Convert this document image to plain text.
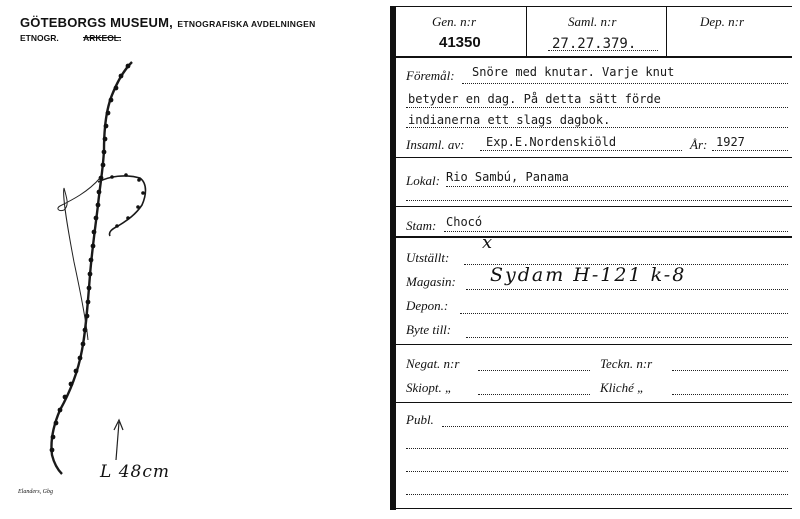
GÖTEBORGS MUSEUM, ETNOGRAFISKA AVDELNINGEN
ETNOGR.	ARKEOL.
L 48cm
Elanders, Gbg
Gen. n:r	Saml. n:r	Dep. n:r
41350	27.27.379.
Föremål: Snöre med knutar. Varje knut
betyder en dag. På detta sätt förde
indianerna ett slags dagbok.
Insaml. av: Exp.E.Nordenskiöld	År: 1927
Lokal: Rio Sambú, Panama
Stam: Chocó
Utställt:
x
Magasin: Sydam H-121 k-8
Depon.:
Byte till:
Negat. n:r	Teckn. n:r
Skiopt. „	Kliché „
Publ.
